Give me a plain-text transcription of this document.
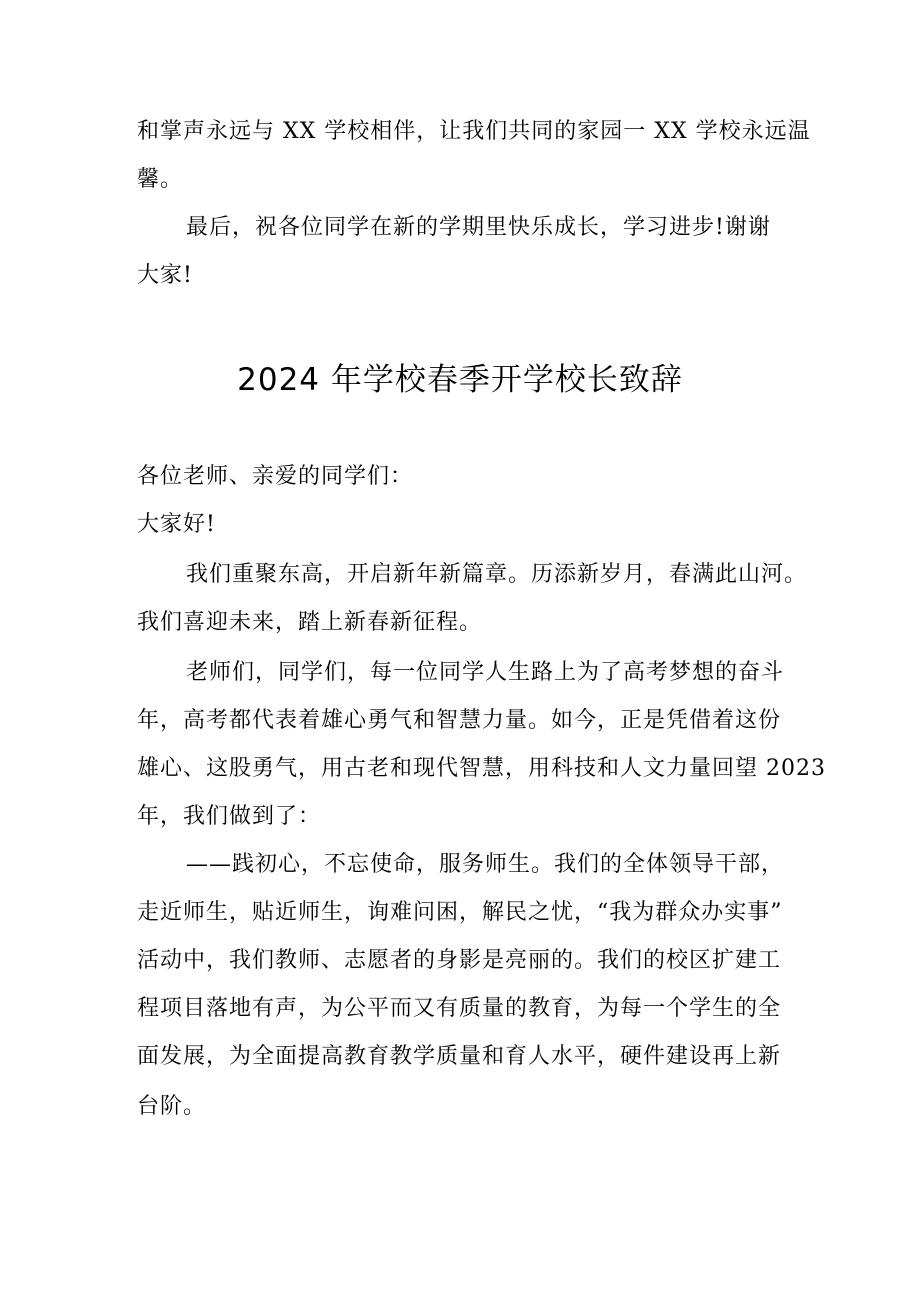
和掌声永远与 XX 学校相伴，让我们共同的家园一 XX 学校永远温
馨。
最后，祝各位同学在新的学期里快乐成长，学习进步!谢谢
大家!
2024 年学校春季开学校长致辞
各位老师、亲爱的同学们：
大家好!
我们重聚东高，开启新年新篇章。历添新岁月，春满此山河。
我们喜迎未来，踏上新春新征程。
老师们，同学们，每一位同学人生路上为了高考梦想的奋斗
年，高考都代表着雄心勇气和智慧力量。如今，正是凭借着这份
雄心、这股勇气，用古老和现代智慧，用科技和人文力量回望 2023
年，我们做到了：
——践初心，不忘使命，服务师生。我们的全体领导干部，
走近师生，贴近师生，询难问困，解民之忧，“我为群众办实事”
活动中，我们教师、志愿者的身影是亮丽的。我们的校区扩建工
程项目落地有声，为公平而又有质量的教育，为每一个学生的全
面发展，为全面提高教育教学质量和育人水平，硬件建设再上新
台阶。
